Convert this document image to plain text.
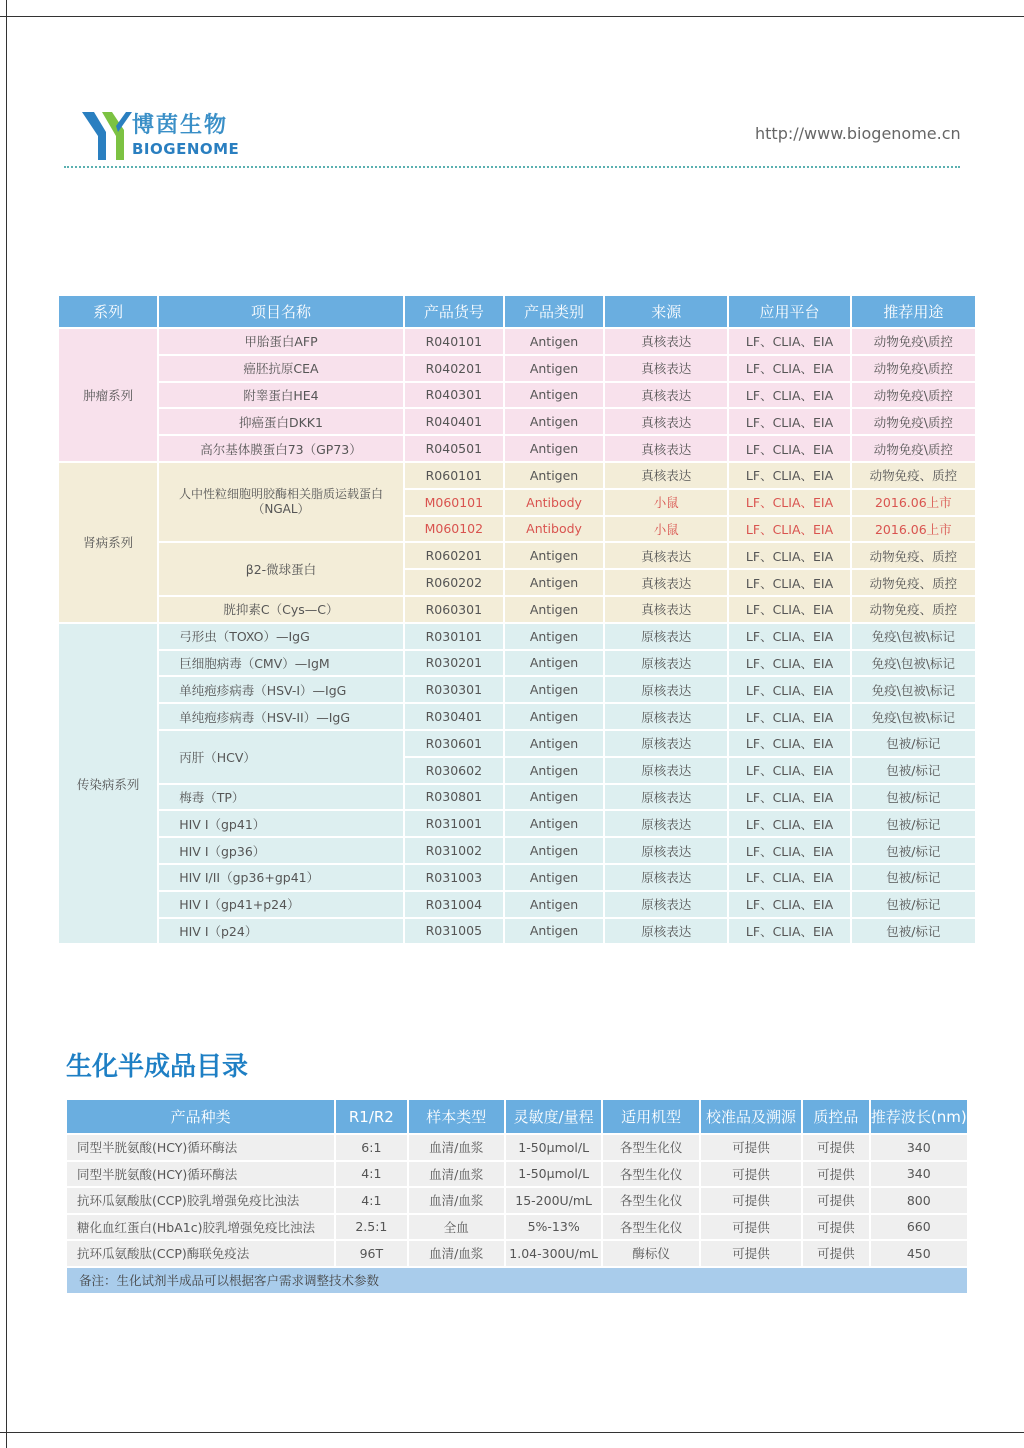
博茵生物
BIOGENOME
http://www.biogenome.cn
系列	项目名称	产品货号	产品类别	来源	应用平台	推荐用途
肿瘤系列	甲胎蛋白AFP	R040101	Antigen	真核表达	LF、CLIA、EIA	动物免疫\质控
	癌胚抗原CEA	R040201	Antigen	真核表达	LF、CLIA、EIA	动物免疫\质控
	附睾蛋白HE4	R040301	Antigen	真核表达	LF、CLIA、EIA	动物免疫\质控
	抑癌蛋白DKK1	R040401	Antigen	真核表达	LF、CLIA、EIA	动物免疫\质控
	高尔基体膜蛋白73（GP73）	R040501	Antigen	真核表达	LF、CLIA、EIA	动物免疫\质控
肾病系列	人中性粒细胞明胶酶相关脂质运载蛋白（NGAL）	R060101	Antigen	真核表达	LF、CLIA、EIA	动物免疫、质控
		M060101	Antibody	小鼠	LF、CLIA、EIA	2016.06上市
		M060102	Antibody	小鼠	LF、CLIA、EIA	2016.06上市
	β2-微球蛋白	R060201	Antigen	真核表达	LF、CLIA、EIA	动物免疫、质控
		R060202	Antigen	真核表达	LF、CLIA、EIA	动物免疫、质控
	胱抑素C（Cys—C）	R060301	Antigen	真核表达	LF、CLIA、EIA	动物免疫、质控
传染病系列	弓形虫（TOXO）—IgG	R030101	Antigen	原核表达	LF、CLIA、EIA	免疫\包被\标记
	巨细胞病毒（CMV）—IgM	R030201	Antigen	原核表达	LF、CLIA、EIA	免疫\包被\标记
	单纯疱疹病毒（HSV-I）—IgG	R030301	Antigen	原核表达	LF、CLIA、EIA	免疫\包被\标记
	单纯疱疹病毒（HSV-II）—IgG	R030401	Antigen	原核表达	LF、CLIA、EIA	免疫\包被\标记
	丙肝（HCV）	R030601	Antigen	原核表达	LF、CLIA、EIA	包被/标记
		R030602	Antigen	原核表达	LF、CLIA、EIA	包被/标记
	梅毒（TP）	R030801	Antigen	原核表达	LF、CLIA、EIA	包被/标记
	HIV I（gp41）	R031001	Antigen	原核表达	LF、CLIA、EIA	包被/标记
	HIV I（gp36）	R031002	Antigen	原核表达	LF、CLIA、EIA	包被/标记
	HIV I/II（gp36+gp41）	R031003	Antigen	原核表达	LF、CLIA、EIA	包被/标记
	HIV I（gp41+p24）	R031004	Antigen	原核表达	LF、CLIA、EIA	包被/标记
	HIV I（p24）	R031005	Antigen	原核表达	LF、CLIA、EIA	包被/标记
生化半成品目录
产品种类	R1/R2	样本类型	灵敏度/量程	适用机型	校准品及溯源	质控品	推荐波长(nm)
同型半胱氨酸(HCY)循环酶法	6:1	血清/血浆	1-50μmol/L	各型生化仪	可提供	可提供	340
同型半胱氨酸(HCY)循环酶法	4:1	血清/血浆	1-50μmol/L	各型生化仪	可提供	可提供	340
抗环瓜氨酸肽(CCP)胶乳增强免疫比浊法	4:1	血清/血浆	15-200U/mL	各型生化仪	可提供	可提供	800
糖化血红蛋白(HbA1c)胶乳增强免疫比浊法	2.5:1	全血	5%-13%	各型生化仪	可提供	可提供	660
抗环瓜氨酸肽(CCP)酶联免疫法	96T	血清/血浆	1.04-300U/mL	酶标仪	可提供	可提供	450
备注：生化试剂半成品可以根据客户需求调整技术参数							
